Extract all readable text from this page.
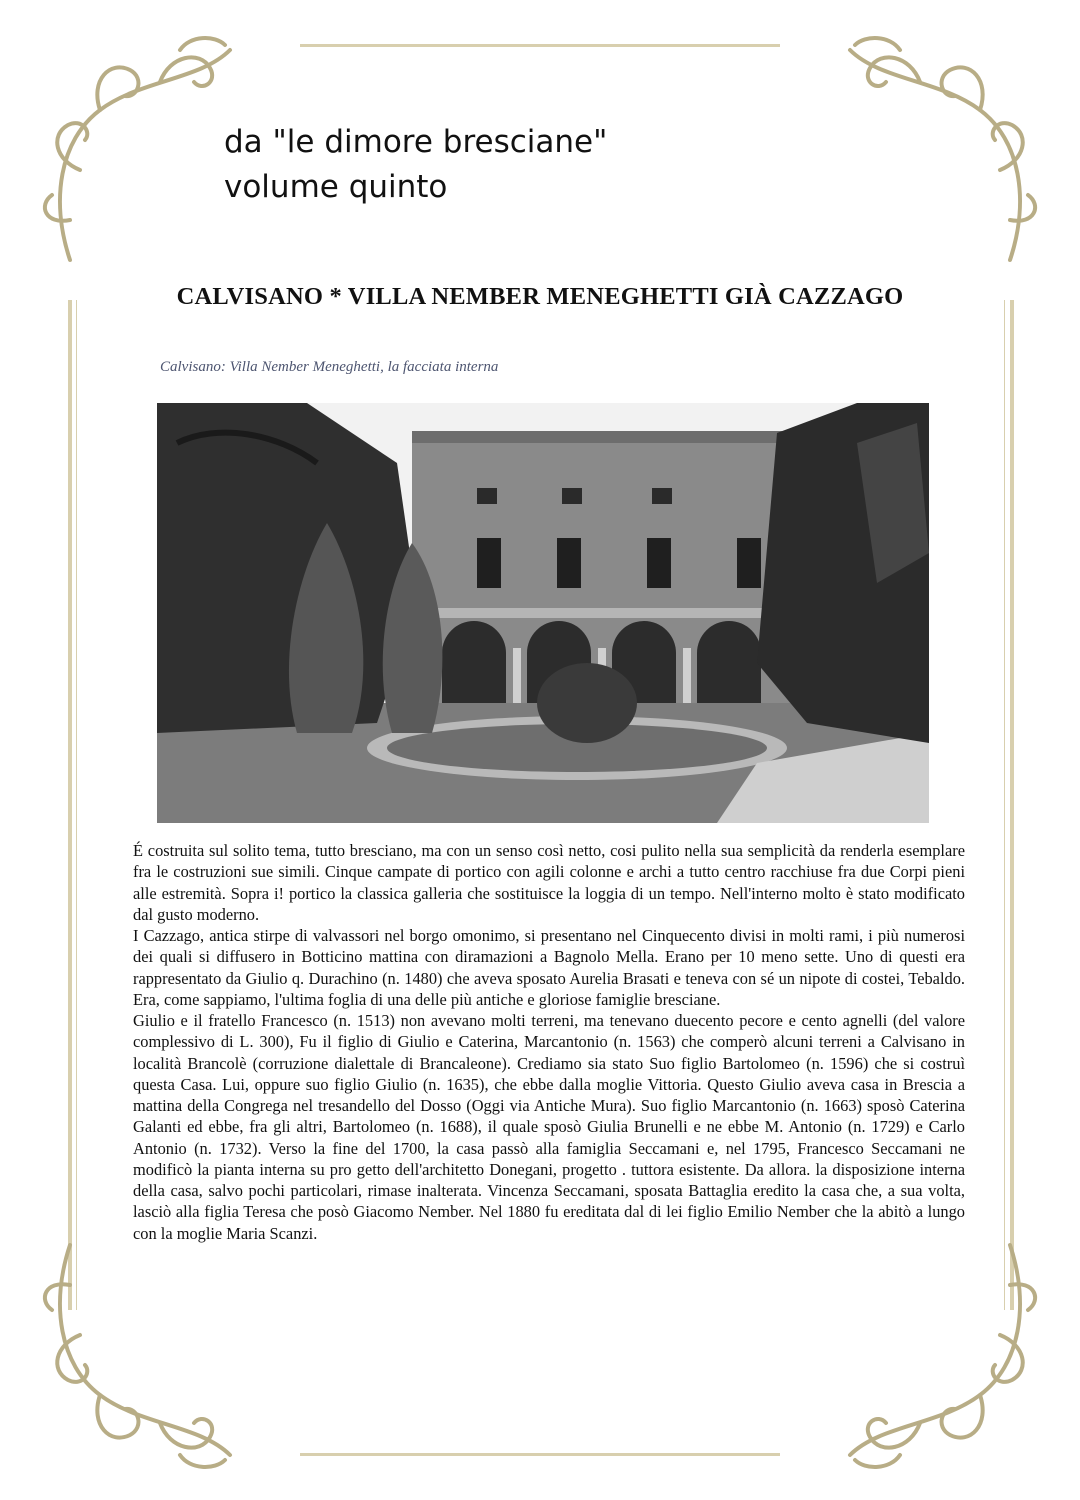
da "le dimore bresciane"
volume quinto
CALVISANO * VILLA NEMBER MENEGHETTI GIÀ CAZZAGO
Calvisano: Villa Nember Meneghetti, la facciata interna

É costruita sul solito tema, tutto bresciano, ma con un senso così netto, cosi pulito nella sua semplicità da renderla esemplare fra le costruzioni sue simili. Cinque campate di portico con agili colonne e archi a tutto centro racchiuse fra due Corpi pieni alle estremità. Sopra i! portico la classica galleria che sostituisce la loggia di un tempo. Nell'interno molto è stato modificato dal gusto moderno.

I Cazzago, antica stirpe di valvassori nel borgo omonimo, si presentano nel Cinquecento divisi in molti rami, i più numerosi dei quali si diffusero in Botticino mattina con diramazioni a Bagnolo Mella. Erano per 10 meno sette. Uno di questi era rappresentato da Giulio q. Durachino (n. 1480) che aveva sposato Aurelia Brasati e teneva con sé un nipote di costei, Tebaldo. Era, come sappiamo, l'ultima foglia di una delle più antiche e gloriose famiglie bresciane.

Giulio e il fratello Francesco (n. 1513) non avevano molti terreni, ma tenevano duecento pecore e cento agnelli (del valore complessivo di L. 300), Fu il figlio di Giulio e Caterina, Marcantonio (n. 1563) che comperò alcuni terreni a Calvisano in località Brancolè (corruzione dialettale di Brancaleone). Crediamo sia stato Suo figlio Bartolomeo (n. 1596) che si costruì questa Casa. Lui, oppure suo figlio Giulio (n. 1635), che ebbe dalla moglie Vittoria. Questo Giulio aveva casa in Brescia a mattina della Congrega nel tresandello del Dosso (Oggi via Antiche Mura). Suo figlio Marcantonio (n. 1663) sposò Caterina Galanti ed ebbe, fra gli altri, Bartolomeo (n. 1688), il quale sposò Giulia Brunelli e ne ebbe M. Antonio (n. 1729) e Carlo Antonio (n. 1732). Verso la fine del 1700, la casa passò alla famiglia Seccamani e, nel 1795, Francesco Seccamani ne modificò la pianta interna su pro getto dell'architetto Donegani, progetto . tuttora esistente. Da allora. la disposizione interna della casa, salvo pochi particolari, rimase inalterata. Vincenza Seccamani, sposata Battaglia eredito la casa che, a sua volta, lasciò alla figlia Teresa che posò Giacomo Nember. Nel 1880 fu ereditata dal di lei figlio Emilio Nember che la abitò a lungo con la moglie Maria Scanzi.
